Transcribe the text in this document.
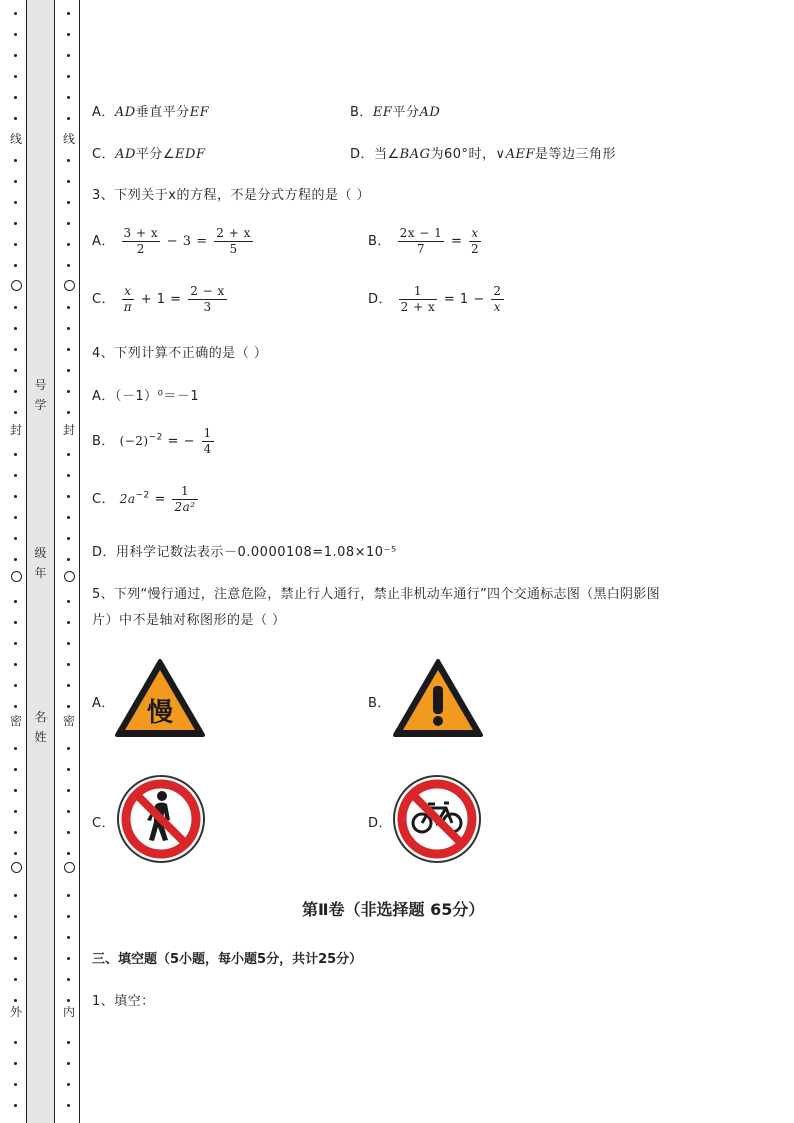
线
封
密
外
号学
级年
名姓
线
封
密
内
A．AD垂直平分EF	B．EF平分AD
C．AD平分∠EDF	D．当∠BAG为60°时，∨AEF是等边三角形
3、下列关于x的方程，不是分式方程的是（ ）
A． $\frac{3 + x}{2} - 3 = \frac{2 + x}{5}$	B． $\frac{2x - 1}{7} = \frac{x}{2}$
C． $\frac{x}{\pi} + 1 = \frac{2 - x}{3}$	D． $\frac{1}{2 + x} = 1 - \frac{2}{x}$
4、下列计算不正确的是（ ）
A．（－1）⁰＝－1
B． $(-2)^{-2}$ = − $\frac{1}{4}$
C． $2a^{-2} = \frac{1}{\text{2a²}}$
D．用科学记数法表示－0.0000108=1.08×10⁻⁵
5、下列“慢行通过，注意危险，禁止行人通行，禁止非机动车通行”四个交通标志图（黑白阴影图
片）中不是轴对称图形的是（ ）
A．	B．
C．	D．
慢
第Ⅱ卷（非选择题 65分）
三、填空题（5小题，每小题5分，共计25分）
1、填空：
